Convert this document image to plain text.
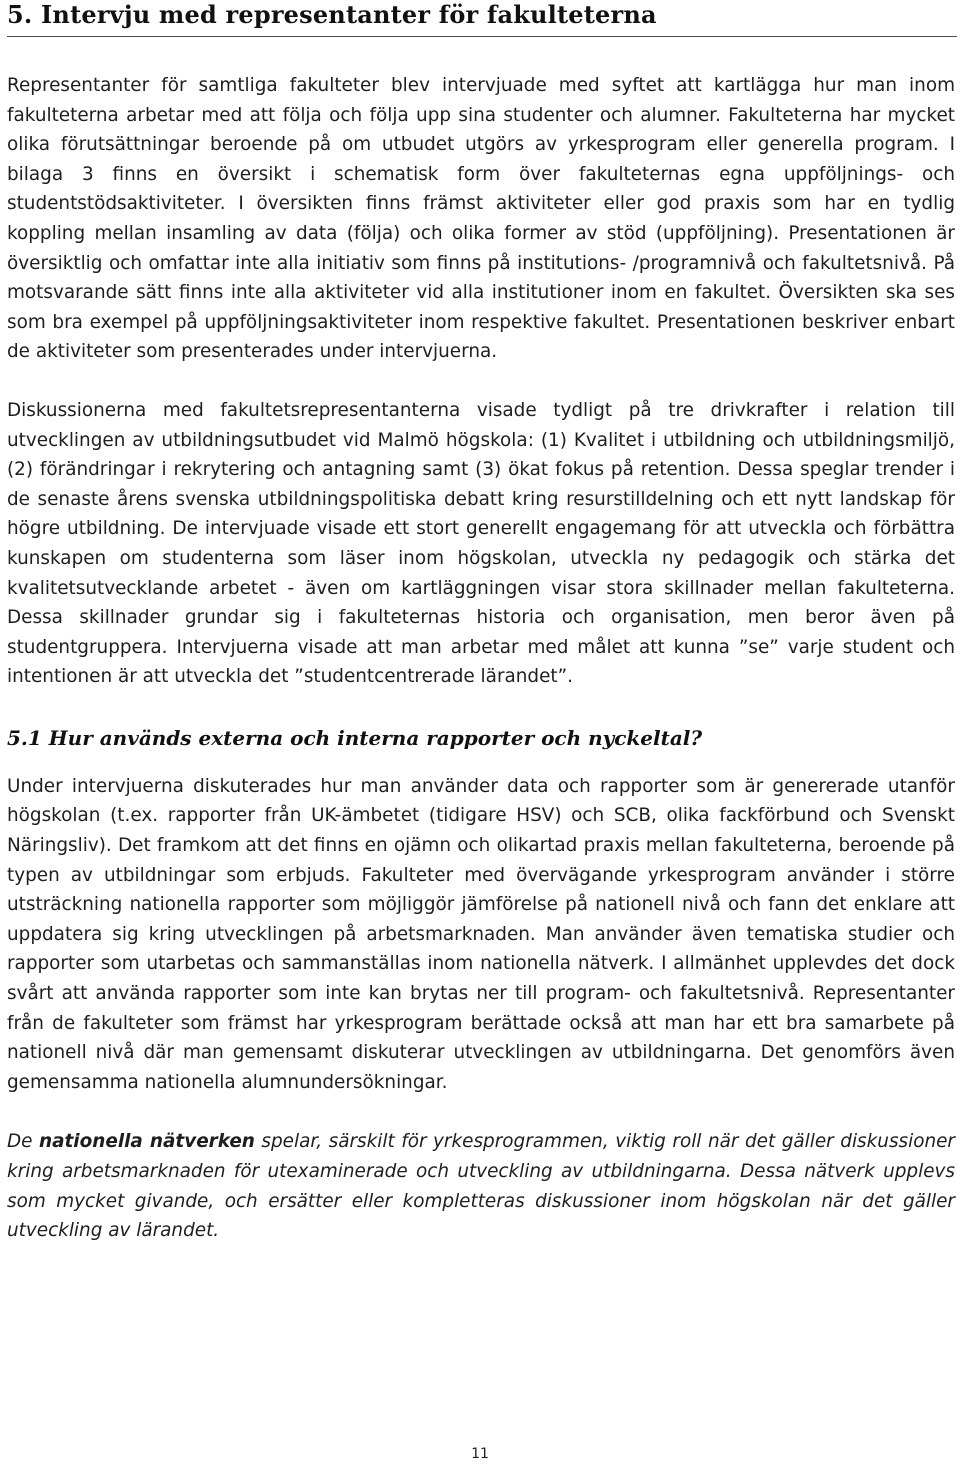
5. Intervju med representanter för fakulteterna

Representanter för samtliga fakulteter blev intervjuade med syftet att kartlägga hur man inom fakulteterna arbetar med att följa och följa upp sina studenter och alumner. Fakulteterna har mycket olika förutsättningar beroende på om utbudet utgörs av yrkesprogram eller generella program. I bilaga 3 finns en översikt i schematisk form över fakulteternas egna uppföljnings- och studentstödsaktiviteter. I översikten finns främst aktiviteter eller god praxis som har en tydlig koppling mellan insamling av data (följa) och olika former av stöd (uppföljning). Presentationen är översiktlig och omfattar inte alla initiativ som finns på institutions- /programnivå och fakultetsnivå. På motsvarande sätt finns inte alla aktiviteter vid alla institutioner inom en fakultet. Översikten ska ses som bra exempel på uppföljningsaktiviteter inom respektive fakultet. Presentationen beskriver enbart de aktiviteter som presenterades under intervjuerna.

Diskussionerna med fakultetsrepresentanterna visade tydligt på tre drivkrafter i relation till utvecklingen av utbildningsutbudet vid Malmö högskola: (1) Kvalitet i utbildning och utbildningsmiljö, (2) förändringar i rekrytering och antagning samt (3) ökat fokus på retention. Dessa speglar trender i de senaste årens svenska utbildningspolitiska debatt kring resurstilldelning och ett nytt landskap för högre utbildning. De intervjuade visade ett stort generellt engagemang för att utveckla och förbättra kunskapen om studenterna som läser inom högskolan, utveckla ny pedagogik och stärka det kvalitetsutvecklande arbetet - även om kartläggningen visar stora skillnader mellan fakulteterna. Dessa skillnader grundar sig i fakulteternas historia och organisation, men beror även på studentgruppera. Intervjuerna visade att man arbetar med målet att kunna ”se” varje student och intentionen är att utveckla det ”studentcentrerade lärandet”.

5.1 Hur används externa och interna rapporter och nyckeltal?

Under intervjuerna diskuterades hur man använder data och rapporter som är genererade utanför högskolan (t.ex. rapporter från UK-ämbetet (tidigare HSV) och SCB, olika fackförbund och Svenskt Näringsliv). Det framkom att det finns en ojämn och olikartad praxis mellan fakulteterna, beroende på typen av utbildningar som erbjuds. Fakulteter med övervägande yrkesprogram använder i större utsträckning nationella rapporter som möjliggör jämförelse på nationell nivå och fann det enklare att uppdatera sig kring utvecklingen på arbetsmarknaden. Man använder även tematiska studier och rapporter som utarbetas och sammanställas inom nationella nätverk. I allmänhet upplevdes det dock svårt att använda rapporter som inte kan brytas ner till program- och fakultetsnivå. Representanter från de fakulteter som främst har yrkesprogram berättade också att man har ett bra samarbete på nationell nivå där man gemensamt diskuterar utvecklingen av utbildningarna. Det genomförs även gemensamma nationella alumnundersökningar.

De nationella nätverken spelar, särskilt för yrkesprogrammen, viktig roll när det gäller diskussioner kring arbetsmarknaden för utexaminerade och utveckling av utbildningarna. Dessa nätverk upplevs som mycket givande, och ersätter eller kompletteras diskussioner inom högskolan när det gäller utveckling av lärandet.

11
